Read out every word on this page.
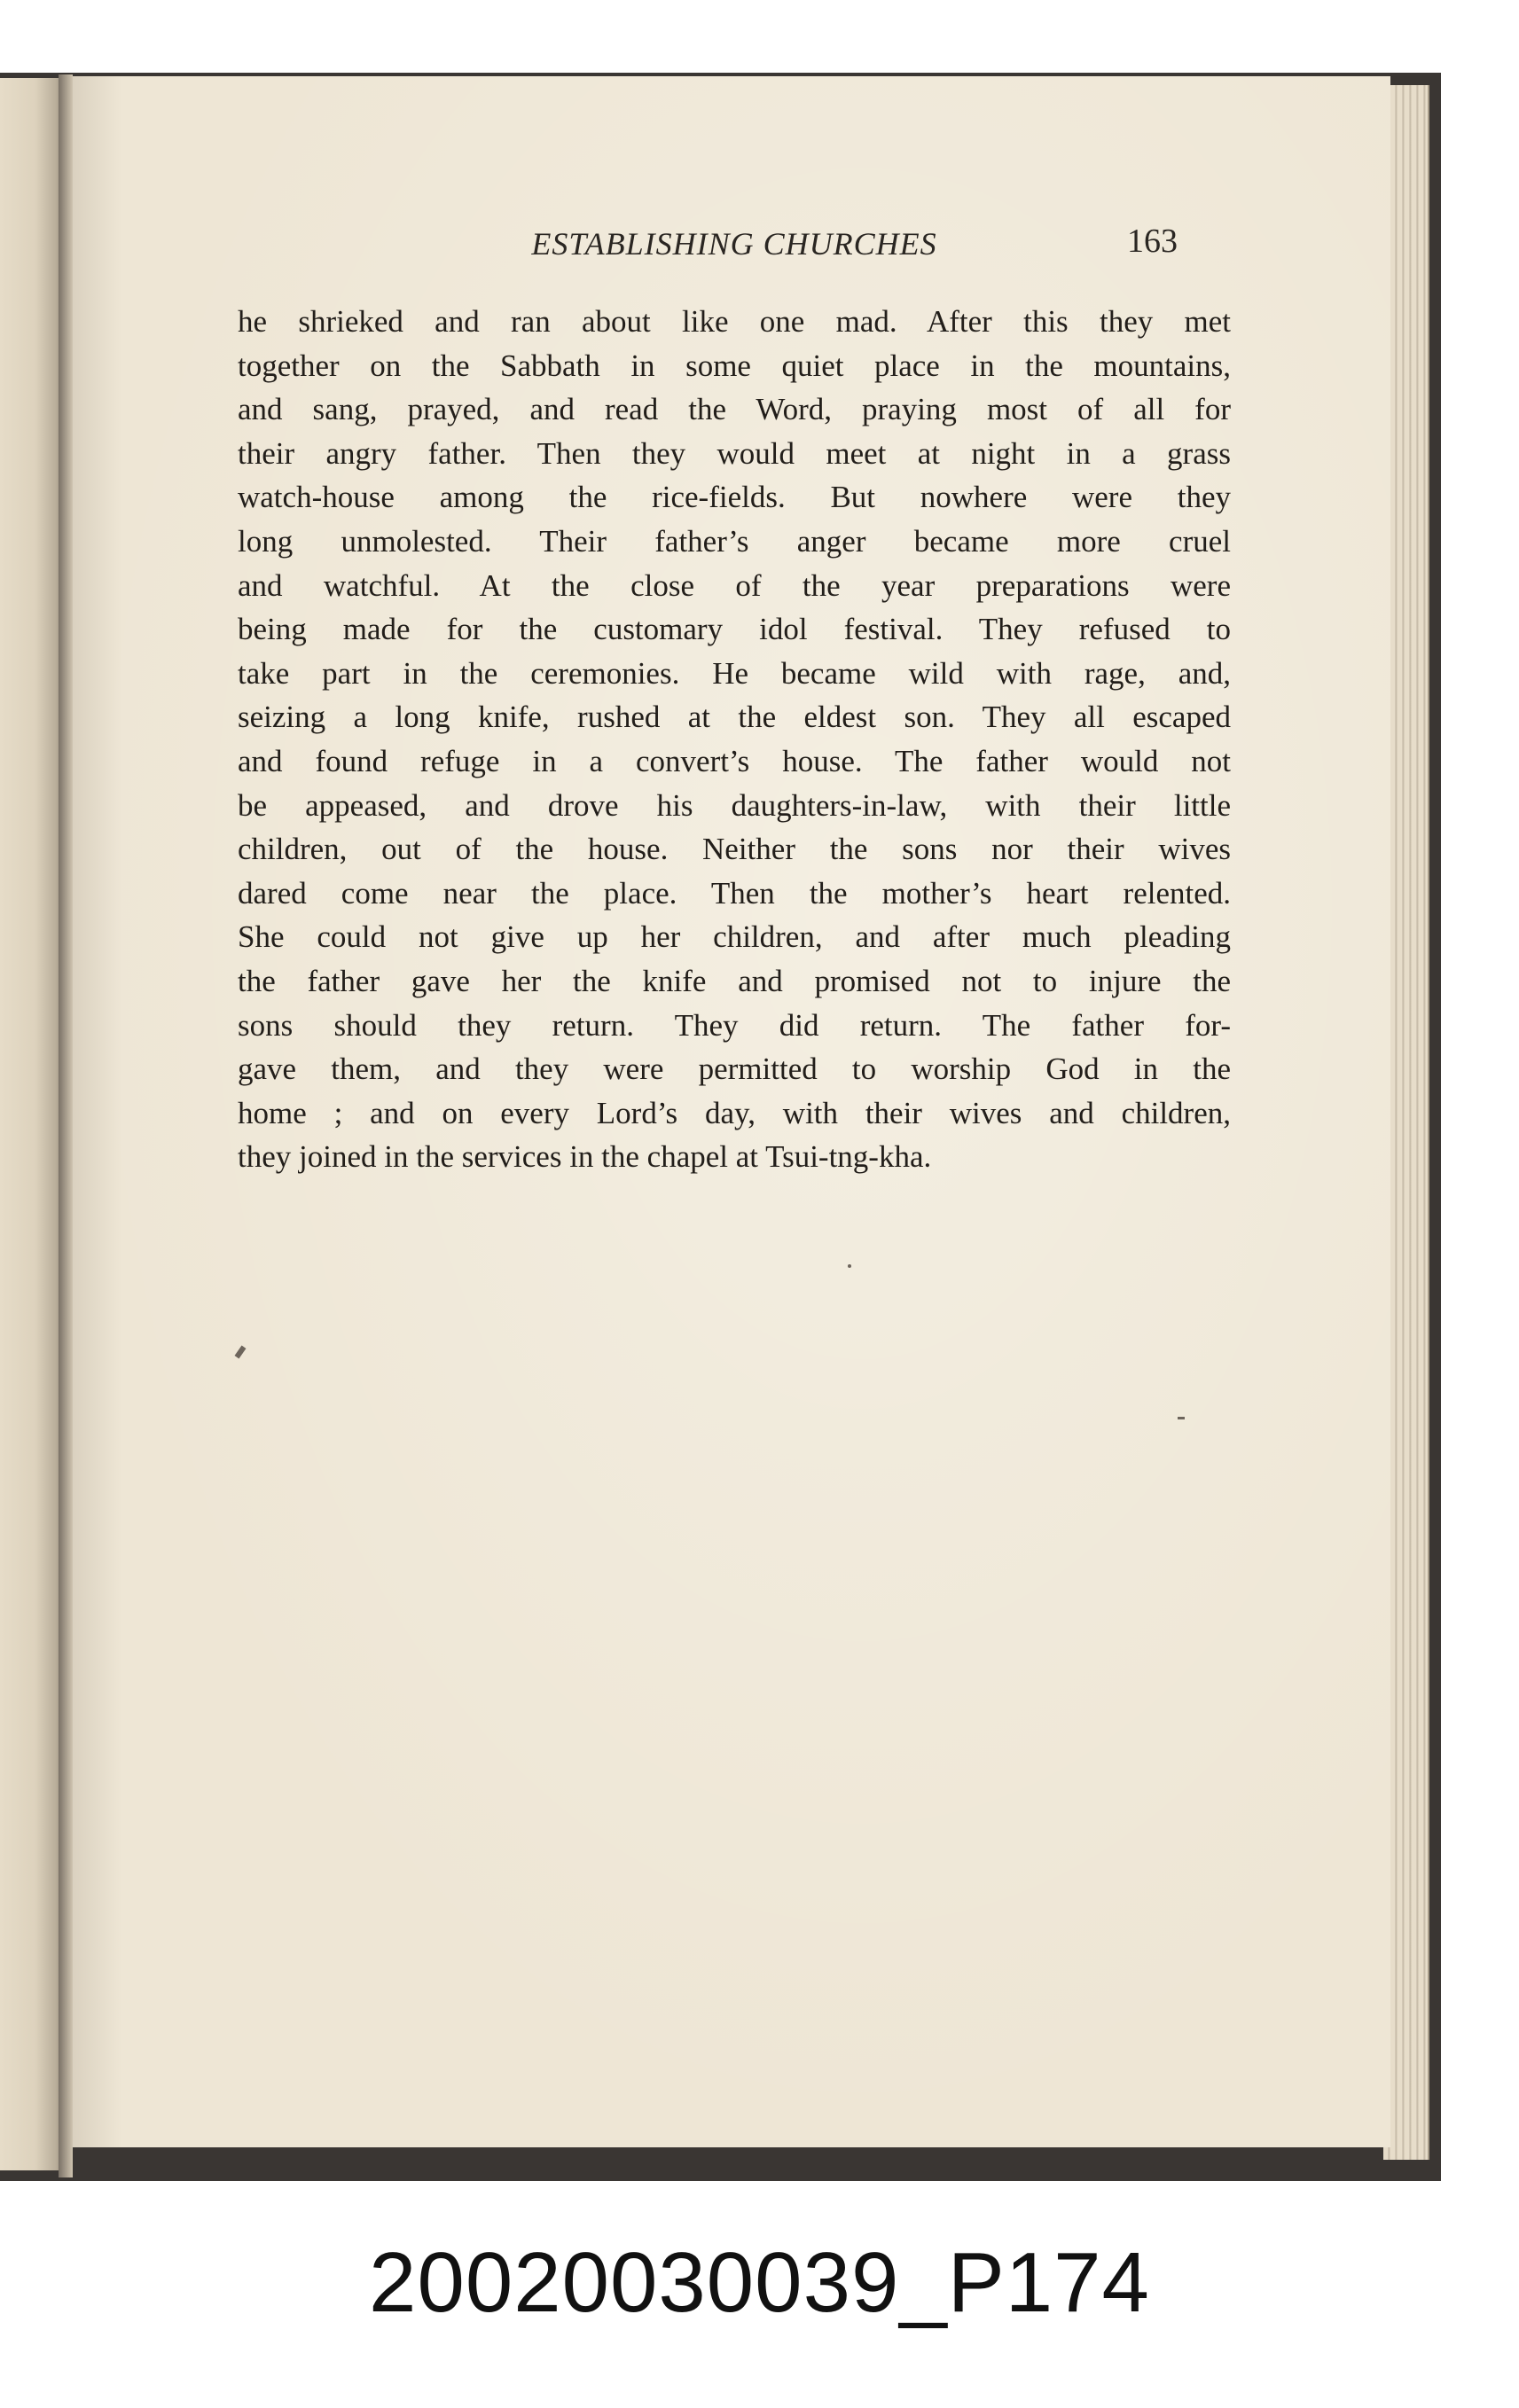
ESTABLISHING CHURCHES	163
he shrieked and ran about like one mad. After this they met
together on the Sabbath in some quiet place in the mountains,
and sang, prayed, and read the Word, praying most of all for
their angry father. Then they would meet at night in a grass
watch-house among the rice-fields. But nowhere were they
long unmolested. Their father’s anger became more cruel
and watchful. At the close of the year preparations were
being made for the customary idol festival. They refused to
take part in the ceremonies. He became wild with rage, and,
seizing a long knife, rushed at the eldest son. They all escaped
and found refuge in a convert’s house. The father would not
be appeased, and drove his daughters-in-law, with their little
children, out of the house. Neither the sons nor their wives
dared come near the place. Then the mother’s heart relented.
She could not give up her children, and after much pleading
the father gave her the knife and promised not to injure the
sons should they return. They did return. The father for-
gave them, and they were permitted to worship God in the
home ; and on every Lord’s day, with their wives and children,
they joined in the services in the chapel at Tsui-tng-kha.
20020030039_P174
